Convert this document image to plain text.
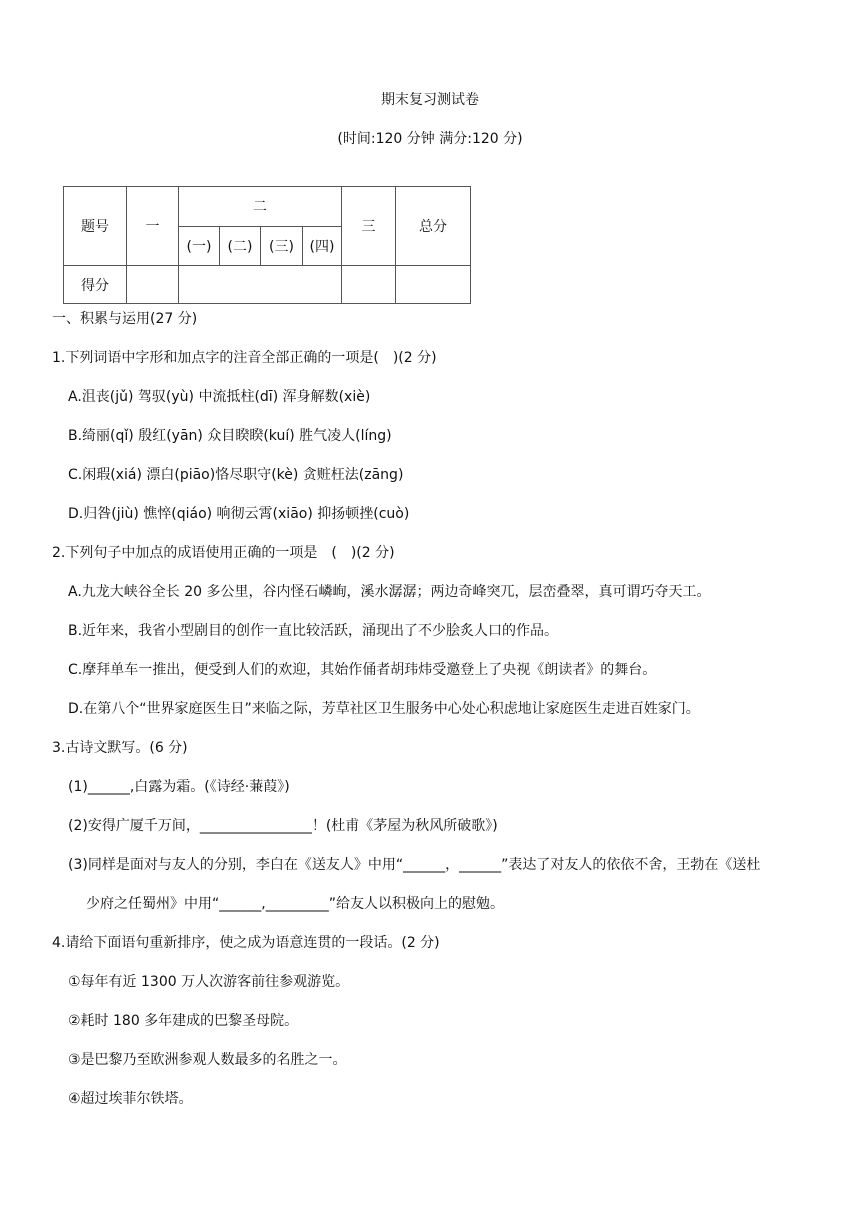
期末复习测试卷
(时间:120 分钟 满分:120 分)
题号	一	二				三	总分
		(一)	(二)	(三)	(四)		
得分							
一、积累与运用(27 分)
1.下列词语中字形和加点字的注音全部正确的一项是(　)(2 分)
A.沮丧(jǔ) 驾驭(yù) 中流抵柱(dī) 浑身解数(xiè)
B.绮丽(qǐ) 殷红(yān) 众目睽睽(kuí) 胜气凌人(líng)
C.闲瑕(xiá) 漂白(piāo)恪尽职守(kè) 贪赃枉法(zāng)
D.归咎(jiù) 憔悴(qiáo) 响彻云霄(xiāo) 抑扬顿挫(cuò)
2.下列句子中加点的成语使用正确的一项是　(　)(2 分)
A.九龙大峡谷全长 20 多公里，谷内怪石嶙峋，溪水潺潺；两边奇峰突兀，层峦叠翠，真可谓巧夺天工。
B.近年来，我省小型剧目的创作一直比较活跃，涌现出了不少脍炙人口的作品。
C.摩拜单车一推出，便受到人们的欢迎，其始作俑者胡玮炜受邀登上了央视《朗读者》的舞台。
D.在第八个“世界家庭医生日”来临之际，芳草社区卫生服务中心处心积虑地让家庭医生走进百姓家门。
3.古诗文默写。(6 分)
(1)______,白露为霜。(《诗经·蒹葭》)
(2)安得广厦千万间，________________！(杜甫《茅屋为秋风所破歌》)
(3)同样是面对与友人的分别，李白在《送友人》中用“______，______”表达了对友人的依依不舍，王勃在《送杜
少府之任蜀州》中用“______,_________”给友人以积极向上的慰勉。
4.请给下面语句重新排序，使之成为语意连贯的一段话。(2 分)
①每年有近 1300 万人次游客前往参观游览。
②耗时 180 多年建成的巴黎圣母院。
③是巴黎乃至欧洲参观人数最多的名胜之一。
④超过埃菲尔铁塔。
